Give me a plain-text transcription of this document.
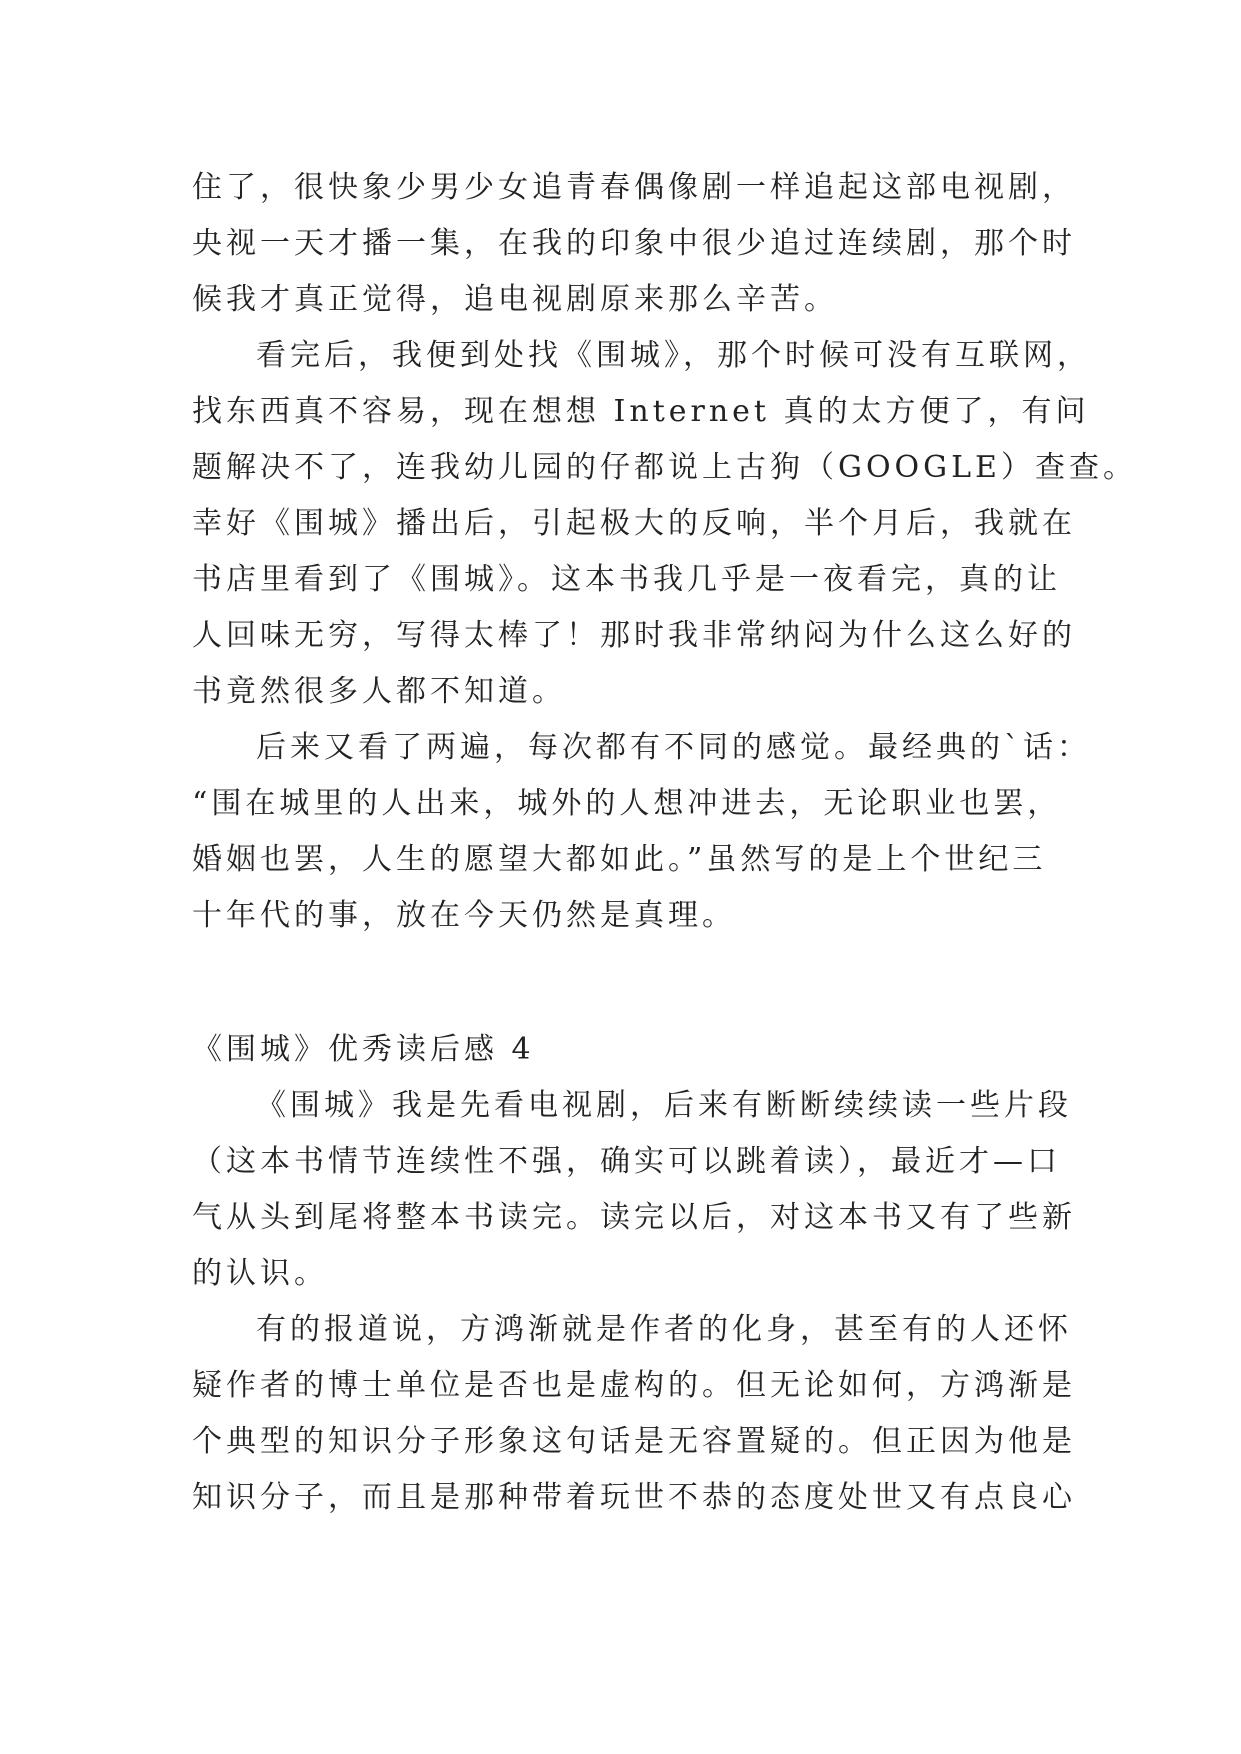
住了，很快象少男少女追青春偶像剧一样追起这部电视剧，
央视一天才播一集，在我的印象中很少追过连续剧，那个时
候我才真正觉得，追电视剧原来那么辛苦。
看完后，我便到处找《围城》，那个时候可没有互联网，
找东西真不容易，现在想想 Internet 真的太方便了，有问
题解决不了，连我幼儿园的仔都说上古狗（GOOGLE）查查。
幸好《围城》播出后，引起极大的反响，半个月后，我就在
书店里看到了《围城》。这本书我几乎是一夜看完，真的让
人回味无穷，写得太棒了！那时我非常纳闷为什么这么好的
书竟然很多人都不知道。
后来又看了两遍，每次都有不同的感觉。最经典的`话：
“围在城里的人出来，城外的人想冲进去，无论职业也罢，
婚姻也罢，人生的愿望大都如此。”虽然写的是上个世纪三
十年代的事，放在今天仍然是真理。
《围城》优秀读后感 4
《围城》我是先看电视剧，后来有断断续续读一些片段
（这本书情节连续性不强，确实可以跳着读），最近才—口
气从头到尾将整本书读完。读完以后，对这本书又有了些新
的认识。
有的报道说，方鸿渐就是作者的化身，甚至有的人还怀
疑作者的博士单位是否也是虚构的。但无论如何，方鸿渐是
个典型的知识分子形象这句话是无容置疑的。但正因为他是
知识分子，而且是那种带着玩世不恭的态度处世又有点良心
